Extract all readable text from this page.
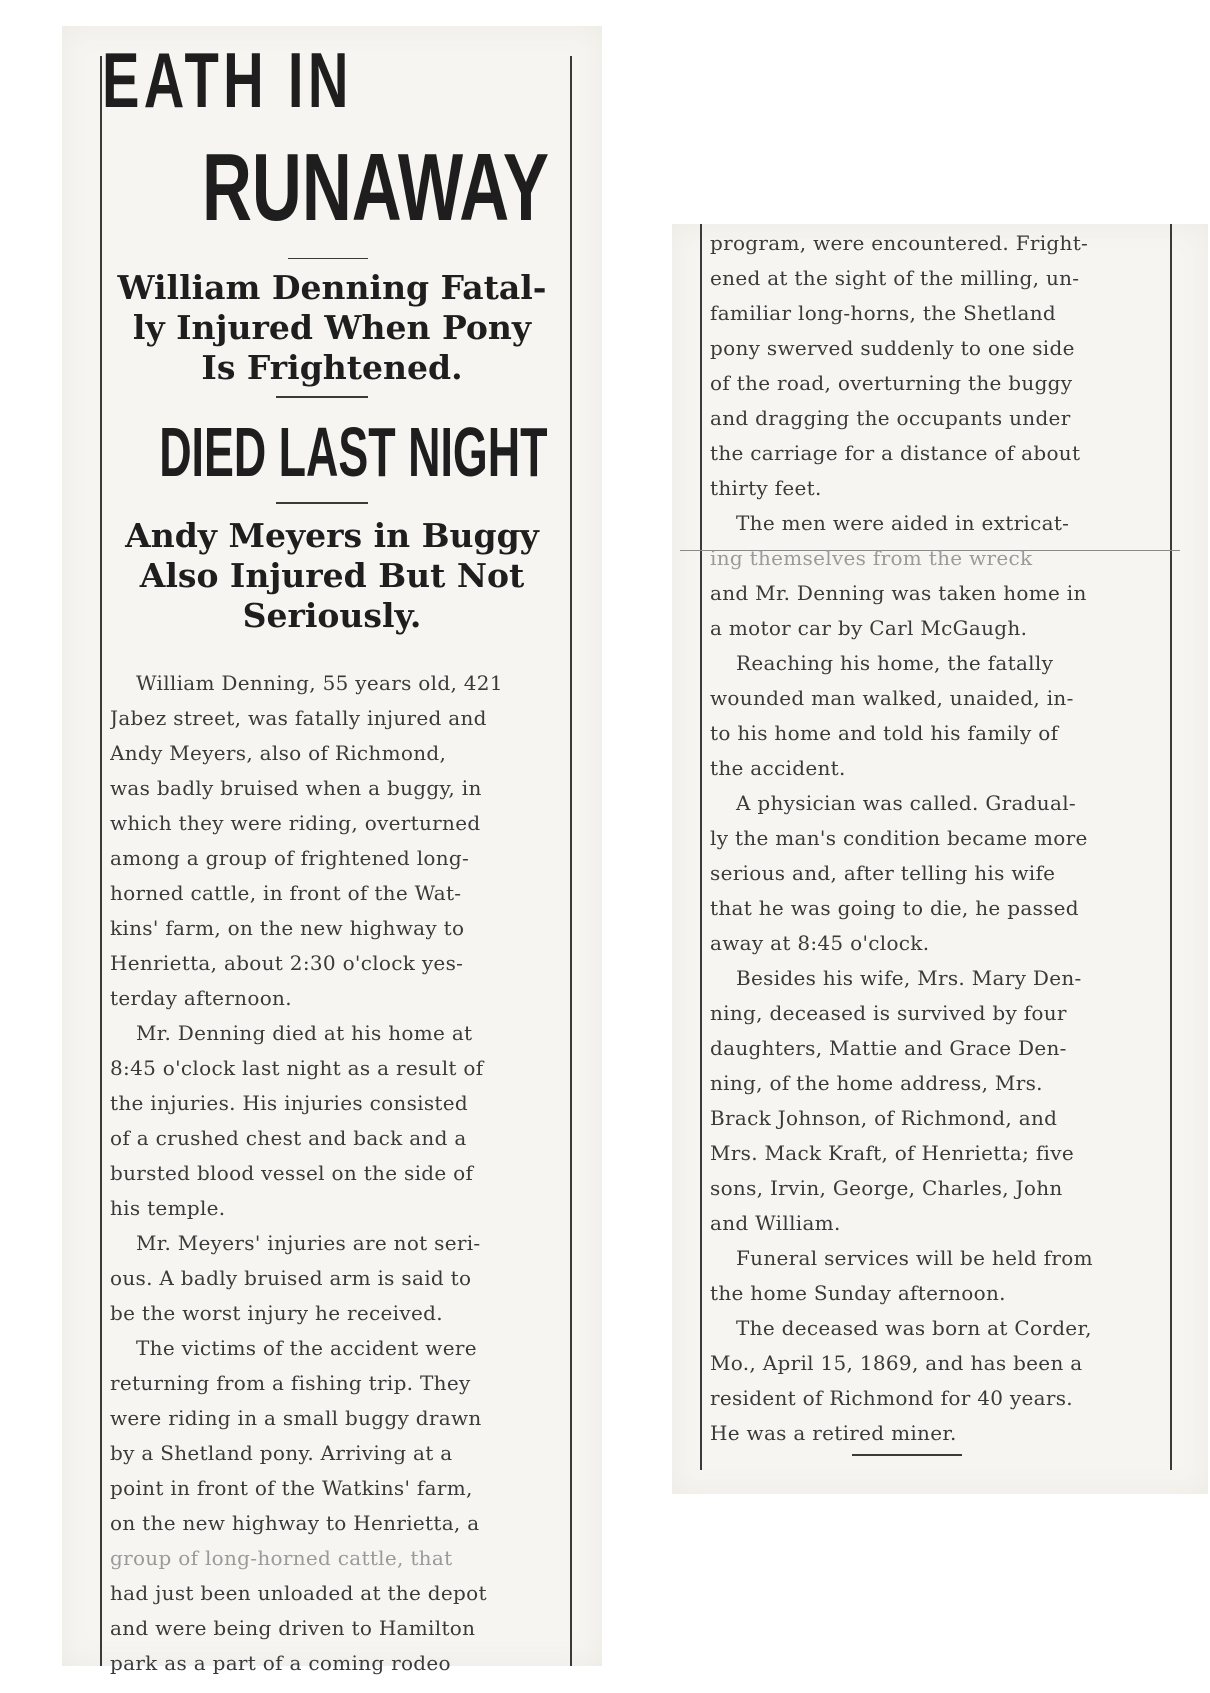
EATH IN
RUNAWAY
William Denning Fatal-
ly Injured When Pony
Is Frightened.
DIED LAST NIGHT
Andy Meyers in Buggy
Also Injured But Not
Seriously.
William Denning, 55 years old, 421
Jabez street, was fatally injured and
Andy Meyers, also of Richmond,
was badly bruised when a buggy, in
which they were riding, overturned
among a group of frightened long-
horned cattle, in front of the Wat-
kins' farm, on the new highway to
Henrietta, about 2:30 o'clock yes-
terday afternoon.
Mr. Denning died at his home at
8:45 o'clock last night as a result of
the injuries. His injuries consisted
of a crushed chest and back and a
bursted blood vessel on the side of
his temple.
Mr. Meyers' injuries are not seri-
ous. A badly bruised arm is said to
be the worst injury he received.
The victims of the accident were
returning from a fishing trip. They
were riding in a small buggy drawn
by a Shetland pony. Arriving at a
point in front of the Watkins' farm,
on the new highway to Henrietta, a
group of long-horned cattle, that
had just been unloaded at the depot
and were being driven to Hamilton
park as a part of a coming rodeo
program, were encountered. Fright-
ened at the sight of the milling, un-
familiar long-horns, the Shetland
pony swerved suddenly to one side
of the road, overturning the buggy
and dragging the occupants under
the carriage for a distance of about
thirty feet.
The men were aided in extricat-
ing themselves from the wreck
and Mr. Denning was taken home in
a motor car by Carl McGaugh.
Reaching his home, the fatally
wounded man walked, unaided, in-
to his home and told his family of
the accident.
A physician was called. Gradual-
ly the man's condition became more
serious and, after telling his wife
that he was going to die, he passed
away at 8:45 o'clock.
Besides his wife, Mrs. Mary Den-
ning, deceased is survived by four
daughters, Mattie and Grace Den-
ning, of the home address, Mrs.
Brack Johnson, of Richmond, and
Mrs. Mack Kraft, of Henrietta; five
sons, Irvin, George, Charles, John
and William.
Funeral services will be held from
the home Sunday afternoon.
The deceased was born at Corder,
Mo., April 15, 1869, and has been a
resident of Richmond for 40 years.
He was a retired miner.
